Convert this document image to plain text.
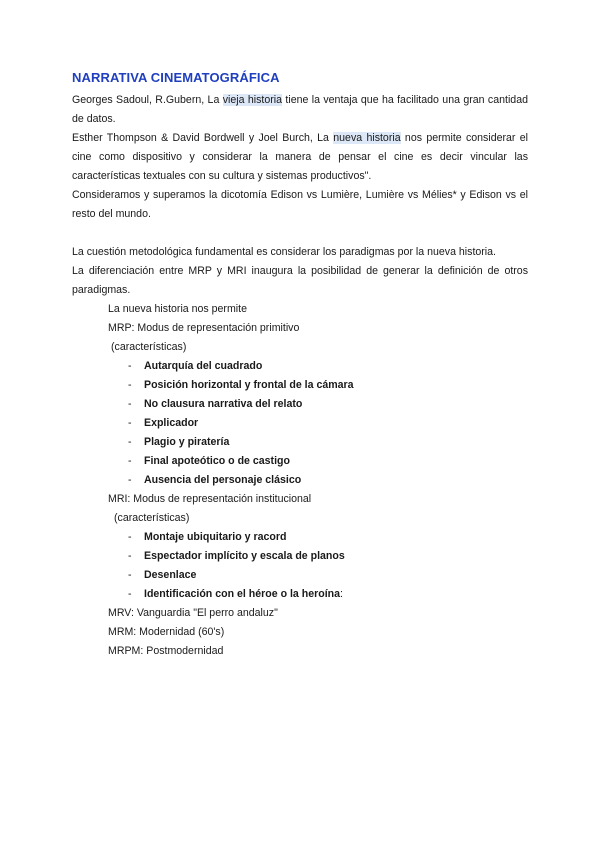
NARRATIVA CINEMATOGRÁFICA

Georges Sadoul, R.Gubern, La vieja historia tiene la ventaja que ha facilitado una gran cantidad de datos.

Esther Thompson & David Bordwell y Joel Burch, La nueva historia nos permite considerar el cine como dispositivo y considerar la manera de pensar el cine es decir vincular las características textuales con su cultura y sistemas productivos".

Consideramos y superamos la dicotomía Edison vs Lumière, Lumière vs Mélies* y Edison vs el resto del mundo.

La cuestión metodológica fundamental es considerar los paradigmas por la nueva historia.

La diferenciación entre MRP y MRI inaugura la posibilidad de generar la definición de otros paradigmas.

La nueva historia nos permite
MRP: Modus de representación primitivo
(características)
- Autarquía del cuadrado
- Posición horizontal y frontal de la cámara
- No clausura narrativa del relato
- Explicador
- Plagio y piratería
- Final apoteótico o de castigo
- Ausencia del personaje clásico
MRI: Modus de representación institucional
(características)
- Montaje ubiquitario y racord
- Espectador implícito y escala de planos
- Desenlace
- Identificación con el héroe o la heroína:
MRV: Vanguardia "El perro andaluz"
MRM: Modernidad (60's)
MRPM: Postmodernidad
